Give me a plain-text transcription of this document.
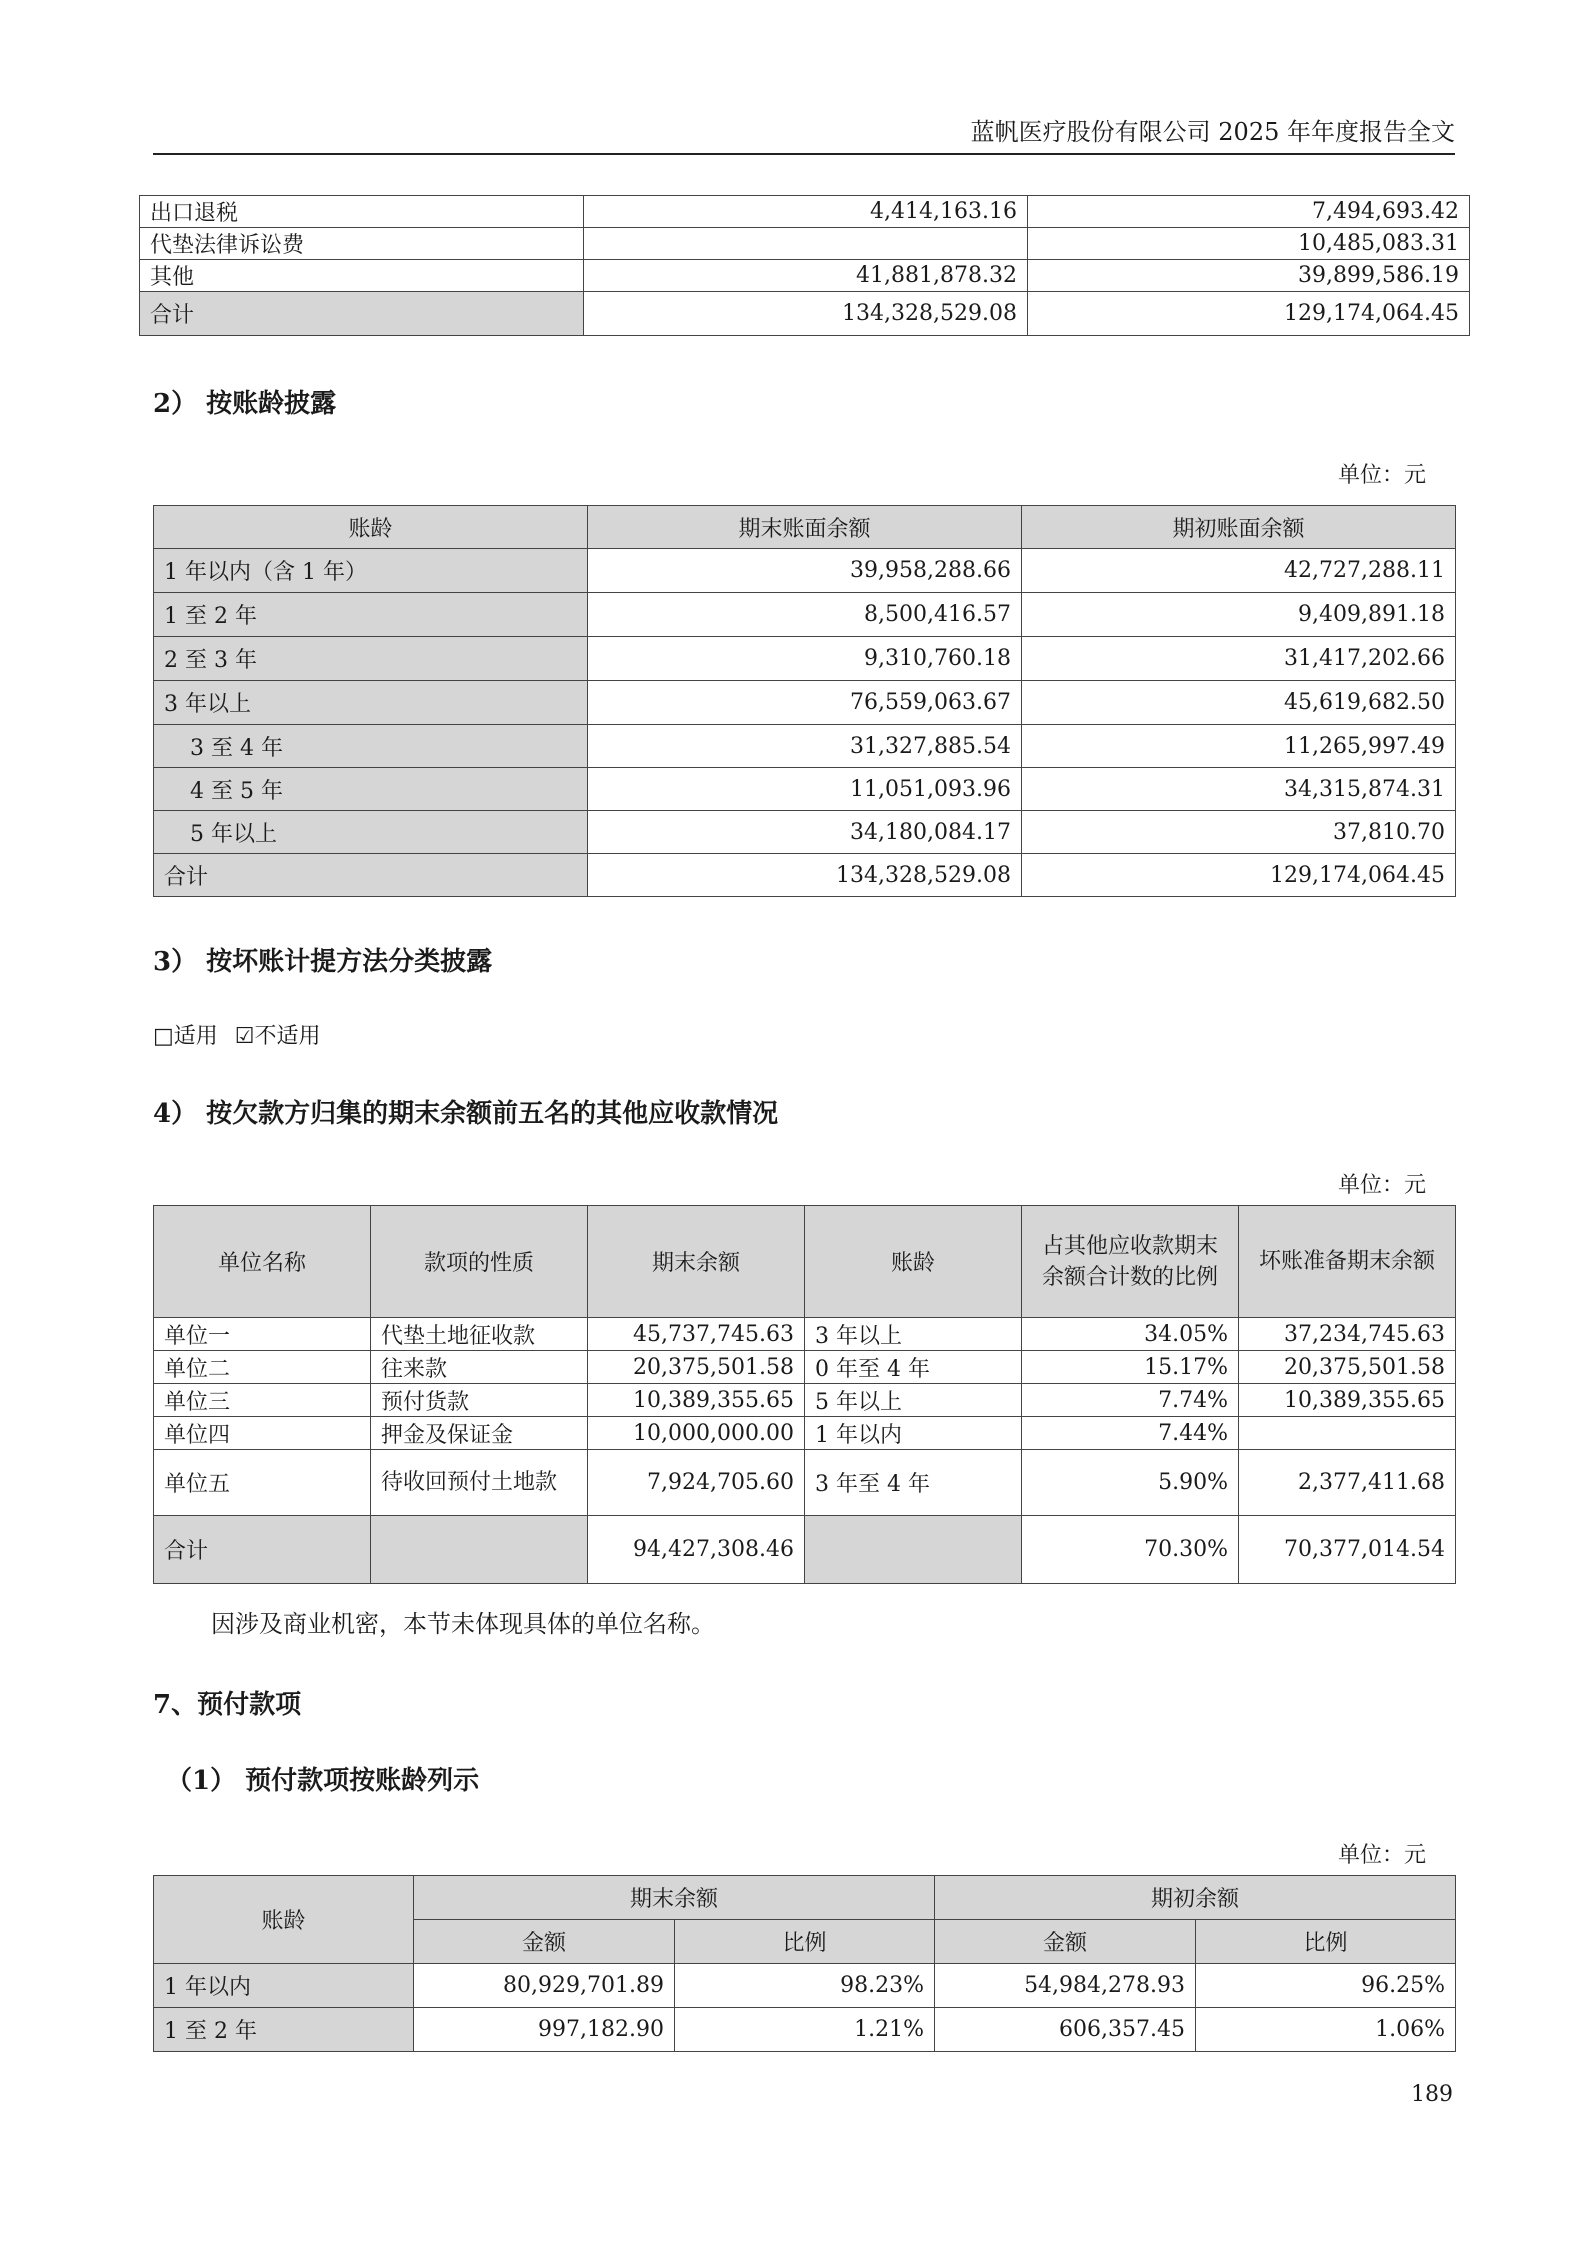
蓝帆医疗股份有限公司 2025 年年度报告全文
出口退税	4,414,163.16	7,494,693.42
代垫法律诉讼费		10,485,083.31
其他	41,881,878.32	39,899,586.19
合计	134,328,529.08	129,174,064.45
2） 按账龄披露
单位：元
账龄	期末账面余额	期初账面余额
1 年以内（含 1 年）	39,958,288.66	42,727,288.11
1 至 2 年	8,500,416.57	9,409,891.18
2 至 3 年	9,310,760.18	31,417,202.66
3 年以上	76,559,063.67	45,619,682.50
3 至 4 年	31,327,885.54	11,265,997.49
4 至 5 年	11,051,093.96	34,315,874.31
5 年以上	34,180,084.17	37,810.70
合计	134,328,529.08	129,174,064.45
3） 按坏账计提方法分类披露
□适用 ☑不适用
4） 按欠款方归集的期末余额前五名的其他应收款情况
单位：元
单位名称	款项的性质	期末余额	账龄	占其他应收款期末余额合计数的比例	坏账准备期末余额
单位一	代垫土地征收款	45,737,745.63	3 年以上	34.05%	37,234,745.63
单位二	往来款	20,375,501.58	0 年至 4 年	15.17%	20,375,501.58
单位三	预付货款	10,389,355.65	5 年以上	7.74%	10,389,355.65
单位四	押金及保证金	10,000,000.00	1 年以内	7.44%	
单位五	待收回预付土地款	7,924,705.60	3 年至 4 年	5.90%	2,377,411.68
合计		94,427,308.46		70.30%	70,377,014.54
因涉及商业机密，本节未体现具体的单位名称。
7、预付款项
（1） 预付款项按账龄列示
单位：元
账龄	期末余额		期初余额	
	金额	比例	金额	比例
1 年以内	80,929,701.89	98.23%	54,984,278.93	96.25%
1 至 2 年	997,182.90	1.21%	606,357.45	1.06%
189
